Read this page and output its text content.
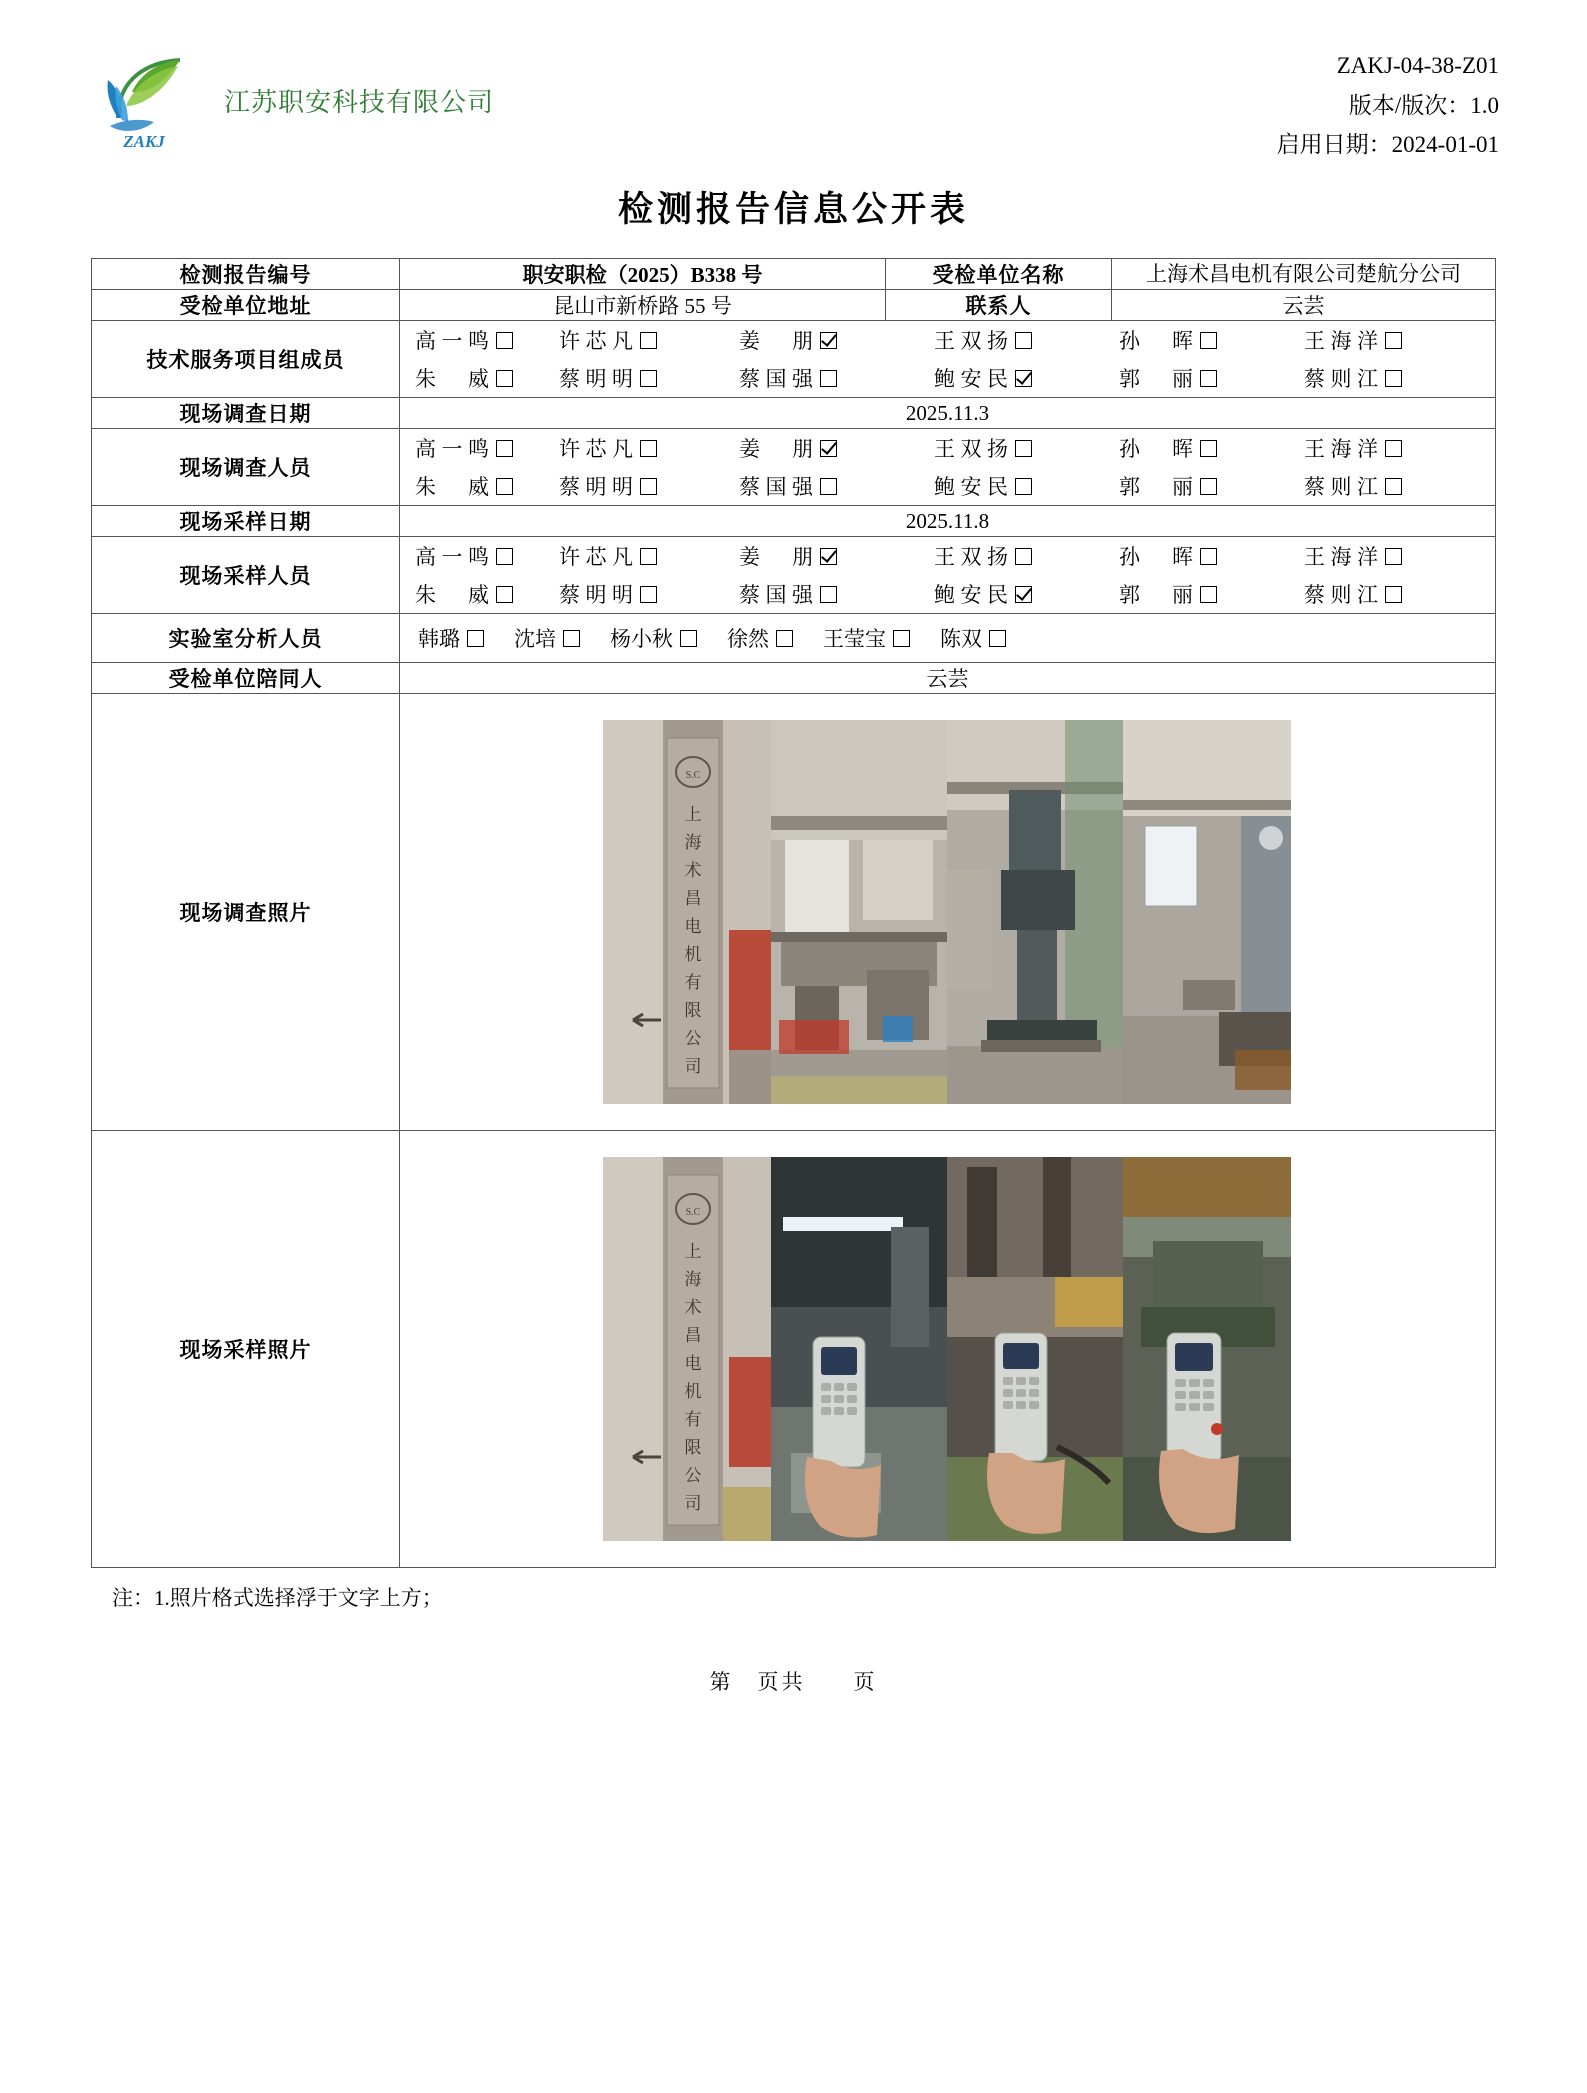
ZAKJ
江苏职安科技有限公司
ZAKJ-04-38-Z01
版本/版次：1.0
启用日期：2024-01-01
检测报告信息公开表
检测报告编号	职安职检（2025）B338 号	受检单位名称	上海术昌电机有限公司楚航分公司
受检单位地址	昆山市新桥路 55 号	联系人	云芸
技术服务项目组成员	
高一鸣	许芯凡	姜　朋	王双扬	孙　晖	王海洋
朱　威	蔡明明	蔡国强	鲍安民	郭　丽	蔡则江

现场调查日期	2025.11.3		
现场调查人员	
高一鸣	许芯凡	姜　朋	王双扬	孙　晖	王海洋
朱　威	蔡明明	蔡国强	鲍安民	郭　丽	蔡则江

现场采样日期	2025.11.8		
现场采样人员	
高一鸣	许芯凡	姜　朋	王双扬	孙　晖	王海洋
朱　威	蔡明明	蔡国强	鲍安民	郭　丽	蔡则江

实验室分析人员	韩璐	沈培	杨小秋	徐然	王莹宝	陈双

受检单位陪同人	云芸		
现场调查照片	
S.C
上
海
术
昌
电
机
有
限
公
司

现场采样照片	
S.C
上
海
术
昌
电
机
有
限
公
司
注：1.照片格式选择浮于文字上方；
第　页共　　页
